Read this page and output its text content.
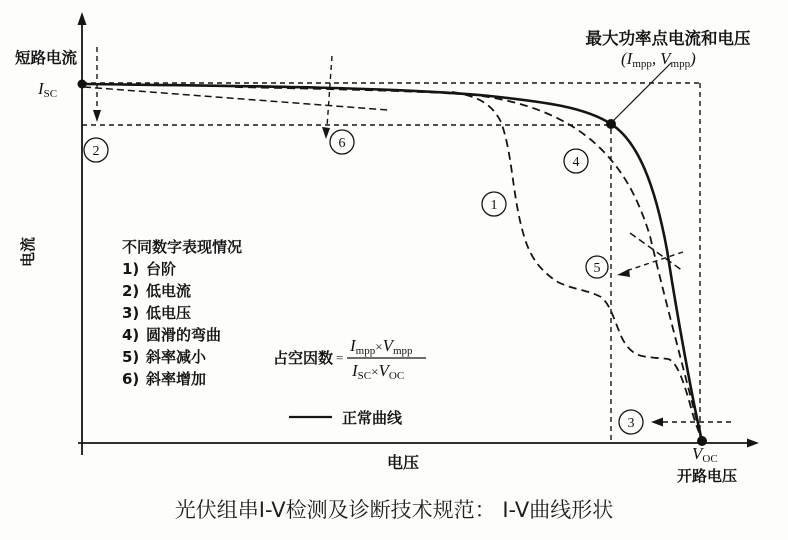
2
6
1
4
5
3
短路电流
ISC
电流
电压	VOC
开路电压
最大功率点电流和电压
(Impp, Vmpp)
不同数字表现情况
1) 台阶
2) 低电流
3) 低电压
4) 圆滑的弯曲
5) 斜率减小
6) 斜率增加
占空因数 =
Impp×Vmpp
ISC×VOC
正常曲线
光伏组串I-V检测及诊断技术规范： I-V曲线形状
